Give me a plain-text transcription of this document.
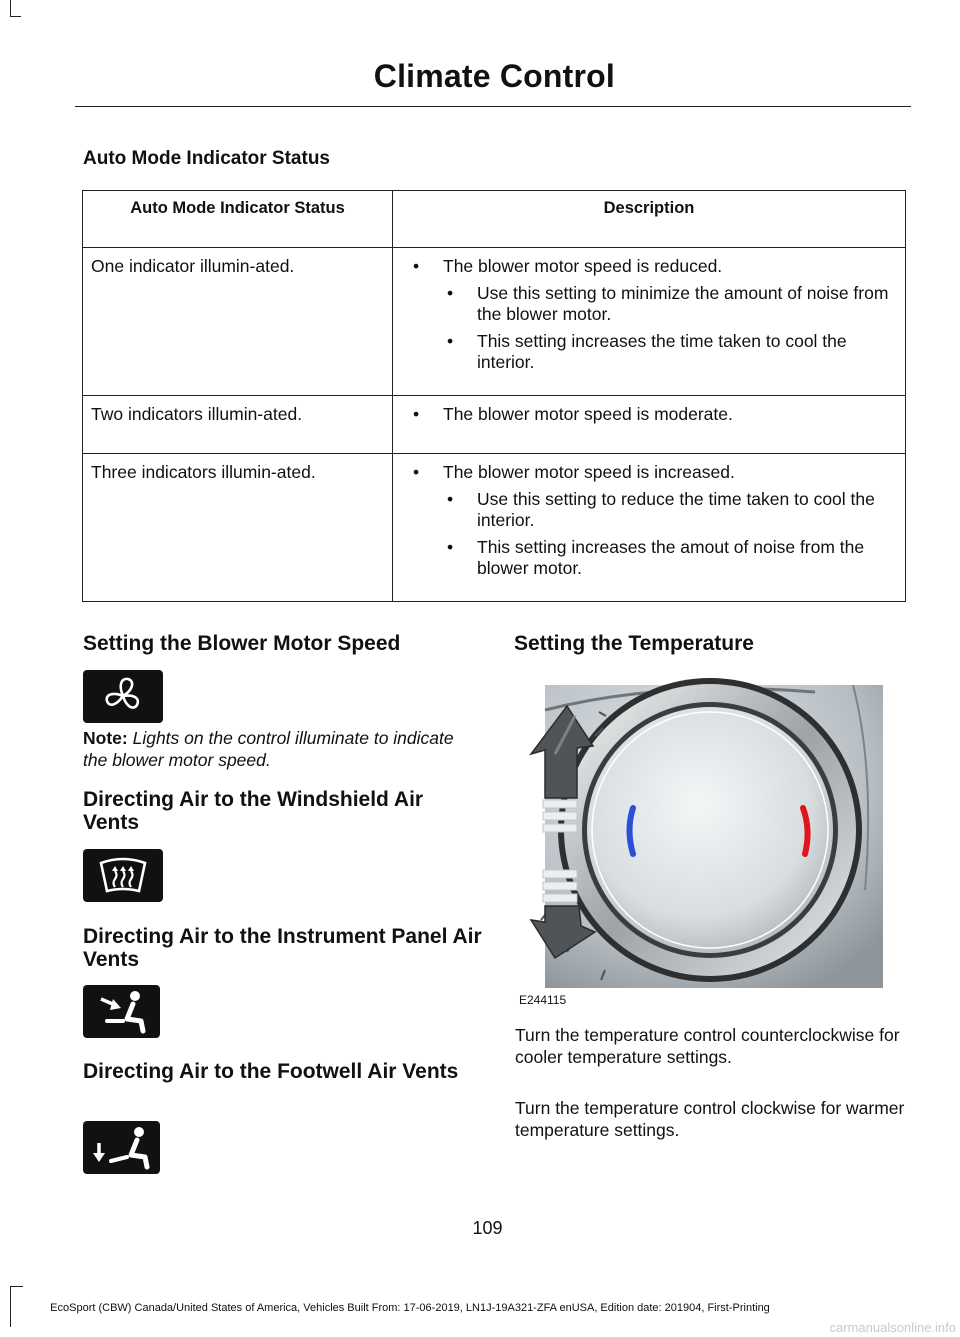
Climate Control
Auto Mode Indicator Status
Auto Mode Indicator Status	Description
One indicator illumin-ated.	• The blower motor speed is reduced.
• Use this setting to minimize the amount of noise from the blower motor.
• This setting increases the time taken to cool the interior.

Two indicators illumin-ated.	• The blower motor speed is moderate.

Three indicators illumin-ated.	• The blower motor speed is increased.
• Use this setting to reduce the time taken to cool the interior.
• This setting increases the amout of noise from the blower motor.
Setting the Blower Motor Speed
Note: Lights on the control illuminate to indicate the blower motor speed.
Directing Air to the Windshield Air Vents
Directing Air to the Instrument Panel Air Vents
Directing Air to the Footwell Air Vents
Setting the Temperature
E244115
Turn the temperature control counterclockwise for cooler temperature settings.
Turn the temperature control clockwise for warmer temperature settings.
109
EcoSport (CBW) Canada/United States of America, Vehicles Built From: 17-06-2019, LN1J-19A321-ZFA enUSA, Edition date: 201904, First-Printing
carmanualsonline.info
